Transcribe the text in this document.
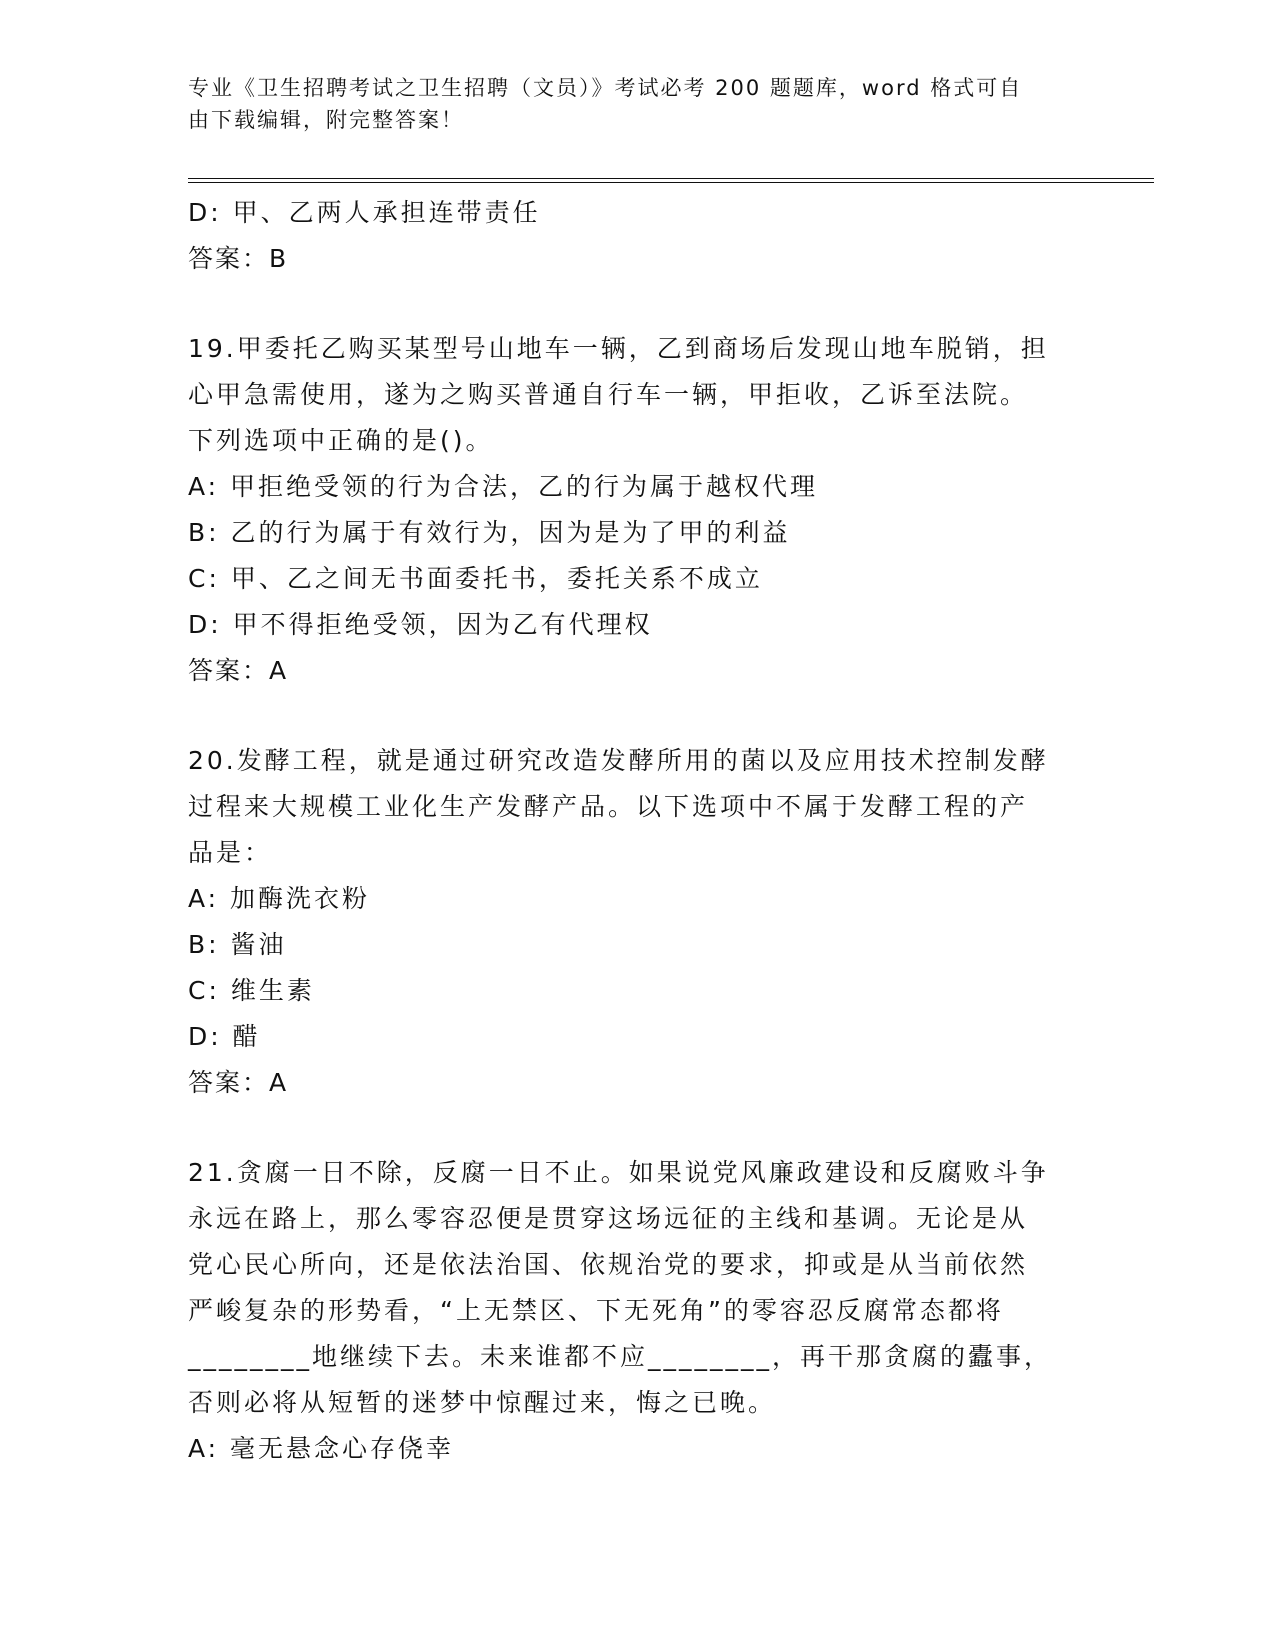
专业《卫生招聘考试之卫生招聘（文员）》考试必考 200 题题库，word 格式可自
由下载编辑，附完整答案！
D: 甲、乙两人承担连带责任
答案：B
19.甲委托乙购买某型号山地车一辆，乙到商场后发现山地车脱销，担
心甲急需使用，遂为之购买普通自行车一辆，甲拒收，乙诉至法院。
下列选项中正确的是()。
A: 甲拒绝受领的行为合法，乙的行为属于越权代理
B: 乙的行为属于有效行为，因为是为了甲的利益
C: 甲、乙之间无书面委托书，委托关系不成立
D: 甲不得拒绝受领，因为乙有代理权
答案：A
20.发酵工程，就是通过研究改造发酵所用的菌以及应用技术控制发酵
过程来大规模工业化生产发酵产品。以下选项中不属于发酵工程的产
品是：
A: 加酶洗衣粉
B: 酱油
C: 维生素
D: 醋
答案：A
21.贪腐一日不除，反腐一日不止。如果说党风廉政建设和反腐败斗争
永远在路上，那么零容忍便是贯穿这场远征的主线和基调。无论是从
党心民心所向，还是依法治国、依规治党的要求，抑或是从当前依然
严峻复杂的形势看，“上无禁区、下无死角”的零容忍反腐常态都将
________地继续下去。未来谁都不应________，再干那贪腐的蠹事，
否则必将从短暂的迷梦中惊醒过来，悔之已晚。
A: 毫无悬念心存侥幸
